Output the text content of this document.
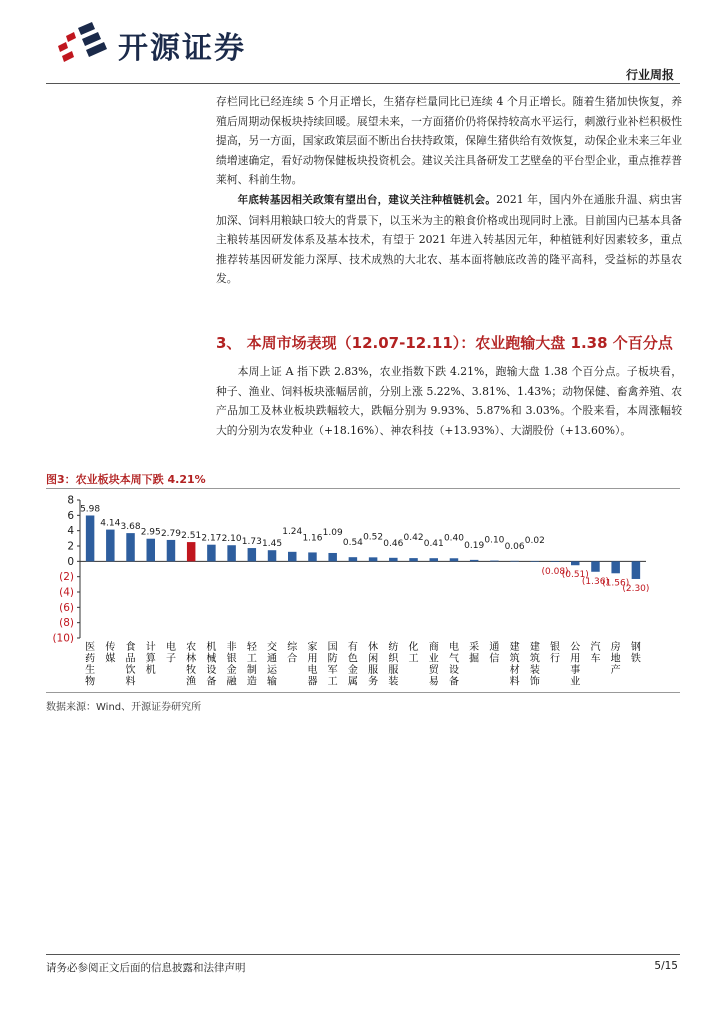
开源证券
行业周报

存栏同比已经连续 5 个月正增长，生猪存栏量同比已连续 4 个月正增长。随着生猪加快恢复，养殖后周期动保板块持续回暖。展望未来，一方面猪价仍将保持较高水平运行，刺激行业补栏积极性提高，另一方面，国家政策层面不断出台扶持政策，保障生猪供给有效恢复，动保企业未来三年业绩增速确定，看好动物保健板块投资机会。建议关注具备研发工艺壁垒的平台型企业，重点推荐普莱柯、科前生物。

年底转基因相关政策有望出台，建议关注种植链机会。2021 年，国内外在通胀升温、病虫害加深、饲料用粮缺口较大的背景下，以玉米为主的粮食价格或出现同时上涨。目前国内已基本具备主粮转基因研发体系及基本技术，有望于 2021 年进入转基因元年，种植链利好因素较多，重点推荐转基因研发能力深厚、技术成熟的大北农、基本面将触底改善的隆平高科，受益标的苏垦农发。

3、 本周市场表现（12.07-12.11）：农业跑输大盘 1.38 个百分点

本周上证 A 指下跌 2.83%，农业指数下跌 4.21%，跑输大盘 1.38 个百分点。子板块看，种子、渔业、饲料板块涨幅居前，分别上涨 5.22%、3.81%、1.43%；动物保健、畜禽养殖、农产品加工及林业板块跌幅较大，跌幅分别为 9.93%、5.87%和 3.03%。个股来看，本周涨幅较大的分别为农发种业（+18.16%）、神农科技（+13.93%）、大湖股份（+13.60%）。

图3：农业板块本周下跌 4.21%
8
6
4
2
0
(2)
(4)
(6)
(8)
(10)
5.98
4.14 3.68
2.95 2.79 2.51 2.17 2.10 1.73 1.45
1.24
1.16
1.09
0.54
0.52
0.46
0.42
0.41
0.40
0.19
0.10
0.06
0.02
(0.08)
(0.51)
(1.36)
(1.56)
(2.30)
医药生物
传媒
食品饮料
计算机
电子
农林牧渔
机械设备
非银金融
轻工制造
交通运输
综合
家用电器
国防军工
有色金属
休闲服务
纺织服装
化工
商业贸易
电气设备
采掘
通信
建筑材料
建筑装饰
银行
公用事业
汽车
房地产
钢铁
数据来源：Wind、开源证券研究所
请务必参阅正文后面的信息披露和法律声明	5/15
